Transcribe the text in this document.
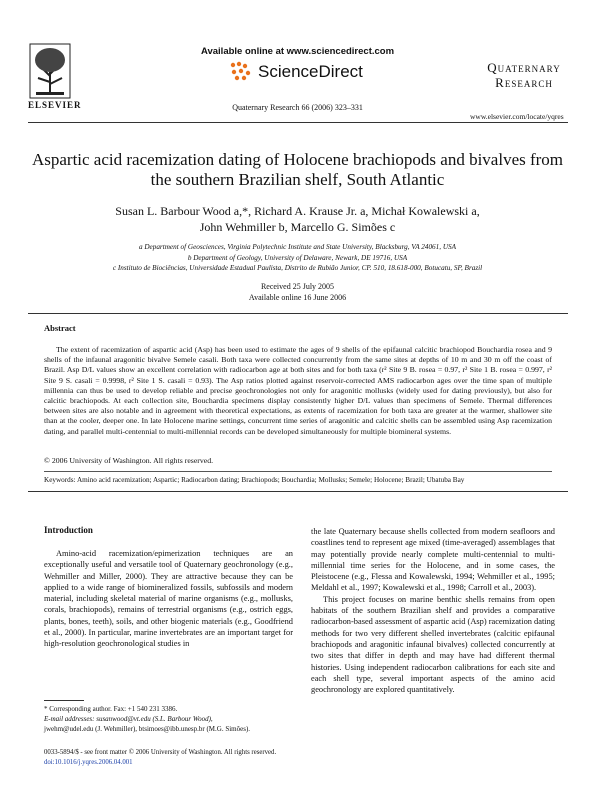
ELSEVIER
Available online at www.sciencedirect.com
ScienceDirect
Quaternary Research 66 (2006) 323–331
Quaternary
Research
www.elsevier.com/locate/yqres
Aspartic acid racemization dating of Holocene brachiopods and bivalves from the southern Brazilian shelf, South Atlantic
Susan L. Barbour Wood a,*, Richard A. Krause Jr. a, Michał Kowalewski a,
John Wehmiller b, Marcello G. Simões c
a Department of Geosciences, Virginia Polytechnic Institute and State University, Blacksburg, VA 24061, USA
b Department of Geology, University of Delaware, Newark, DE 19716, USA
c Instituto de Biociências, Universidade Estadual Paulista, Distrito de Rubião Junior, CP. 510, 18.618-000, Botucatu, SP, Brazil
Received 25 July 2005
Available online 16 June 2006
Abstract
The extent of racemization of aspartic acid (Asp) has been used to estimate the ages of 9 shells of the epifaunal calcitic brachiopod Bouchardia rosea and 9 shells of the infaunal aragonitic bivalve Semele casali. Both taxa were collected concurrently from the same sites at depths of 10 m and 30 m off the coast of Brazil. Asp D/L values show an excellent correlation with radiocarbon age at both sites and for both taxa (r² Site 9 B. rosea = 0.97, r² Site 1 B. rosea = 0.997, r² Site 9 S. casali = 0.9998, r² Site 1 S. casali = 0.93). The Asp ratios plotted against reservoir-corrected AMS radiocarbon ages over the time span of multiple millennia can thus be used to develop reliable and precise geochronologies not only for aragonitic mollusks (widely used for dating previously), but also for calcitic brachiopods. At each collection site, Bouchardia specimens display consistently higher D/L values than specimens of Semele. Thermal differences between sites are also notable and in agreement with theoretical expectations, as extents of racemization for both taxa are greater at the warmer, shallower site than at the cooler, deeper one. In late Holocene marine settings, concurrent time series of aragonitic and calcitic shells can be assembled using Asp racemization dating, and parallel multi-centennial to multi-millennial records can be developed simultaneously for multiple biomineral systems.
© 2006 University of Washington. All rights reserved.
Keywords: Amino acid racemization; Aspartic; Radiocarbon dating; Brachiopods; Bouchardia; Mollusks; Semele; Holocene; Brazil; Ubatuba Bay
Introduction

Amino-acid racemization/epimerization techniques are an exceptionally useful and versatile tool of Quaternary geochronology (e.g., Wehmiller and Miller, 2000). They are attractive because they can be applied to a wide range of biomineralized fossils, subfossils and modern material, including skeletal material of marine organisms (e.g., mollusks, corals, brachiopods), remains of terrestrial organisms (e.g., ostrich eggs, plants, bones, teeth), soils, and other biogenic materials (e.g., Goodfriend et al., 2000). In particular, marine invertebrates are an important target for high-resolution geochronological studies in

the late Quaternary because shells collected from modern seafloors and coastlines tend to represent age mixed (time-averaged) assemblages that may potentially provide nearly complete multi-centennial to multi-millennial time series for the Holocene, and in some cases, the Pleistocene (e.g., Flessa and Kowalewski, 1994; Wehmiller et al., 1995; Meldahl et al., 1997; Kowalewski et al., 1998; Carroll et al., 2003).

This project focuses on marine benthic shells remains from open habitats of the southern Brazilian shelf and provides a comparative radiocarbon-based assessment of aspartic acid (Asp) racemization dating methods for two very different shelled invertebrates (calcitic epifaunal brachiopods and aragonitic infaunal bivalves) collected concurrently at two sites that differ in depth and may have had different thermal histories. Using independent radiocarbon calibrations for each site and each shell type, several important aspects of the amino acid geochronology are explored quantitatively.

* Corresponding author. Fax: +1 540 231 3386.
E-mail addresses: susanwood@vt.edu (S.L. Barbour Wood),
jwehm@udel.edu (J. Wehmiller), btsimoes@ibb.unesp.br (M.G. Simões).
0033-5894/$ - see front matter © 2006 University of Washington. All rights reserved.
doi:10.1016/j.yqres.2006.04.001
